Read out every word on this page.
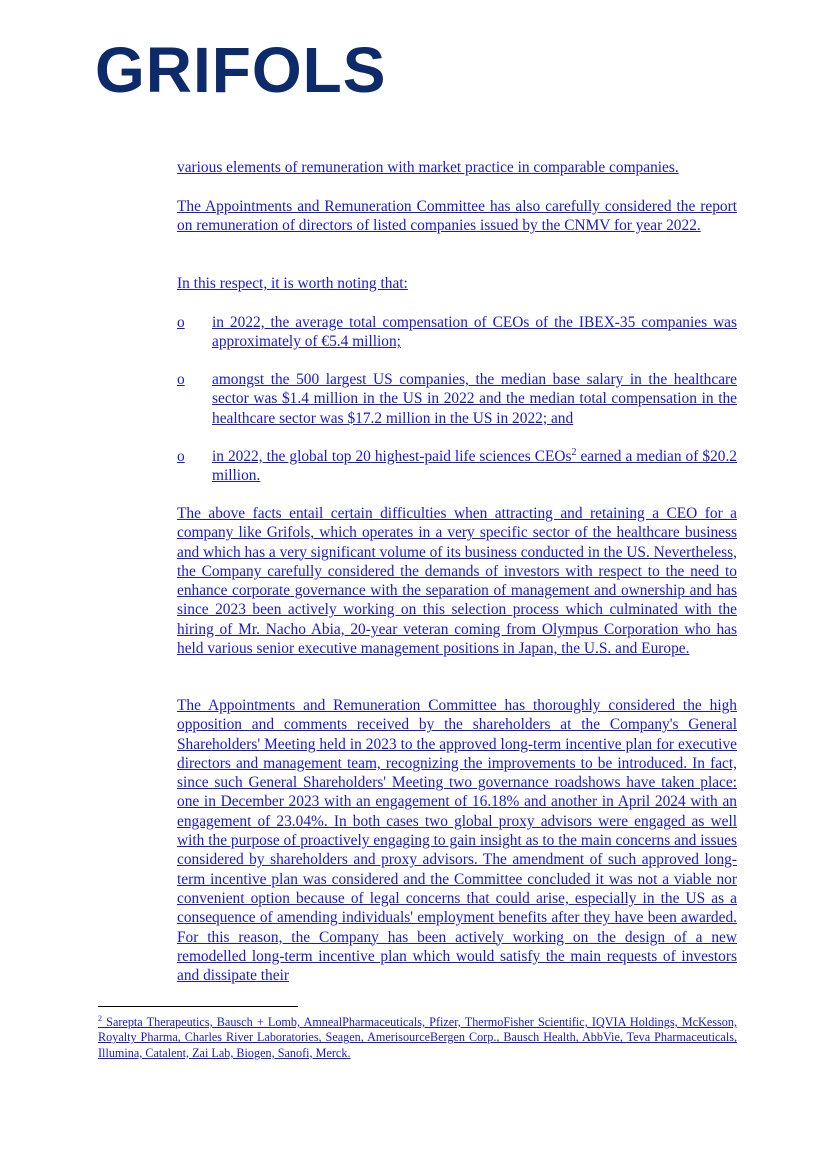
GRIFOLS

various elements of remuneration with market practice in comparable companies.

The Appointments and Remuneration Committee has also carefully considered the report on remuneration of directors of listed companies issued by the CNMV for year 2022.

In this respect, it is worth noting that:

o in 2022, the average total compensation of CEOs of the IBEX-35 companies was approximately of €5.4 million;

o amongst the 500 largest US companies, the median base salary in the healthcare sector was $1.4 million in the US in 2022 and the median total compensation in the healthcare sector was $17.2 million in the US in 2022; and

o in 2022, the global top 20 highest-paid life sciences CEOs$^2$ earned a median of $20.2 million.

The above facts entail certain difficulties when attracting and retaining a CEO for a company like Grifols, which operates in a very specific sector of the healthcare business and which has a very significant volume of its business conducted in the US. Nevertheless, the Company carefully considered the demands of investors with respect to the need to enhance corporate governance with the separation of management and ownership and has since 2023 been actively working on this selection process which culminated with the hiring of Mr. Nacho Abia, 20-year veteran coming from Olympus Corporation who has held various senior executive management positions in Japan, the U.S. and Europe.

The Appointments and Remuneration Committee has thoroughly considered the high opposition and comments received by the shareholders at the Company's General Shareholders' Meeting held in 2023 to the approved long-term incentive plan for executive directors and management team, recognizing the improvements to be introduced. In fact, since such General Shareholders' Meeting two governance roadshows have taken place: one in December 2023 with an engagement of 16.18% and another in April 2024 with an engagement of 23.04%. In both cases two global proxy advisors were engaged as well with the purpose of proactively engaging to gain insight as to the main concerns and issues considered by shareholders and proxy advisors. The amendment of such approved long-term incentive plan was considered and the Committee concluded it was not a viable nor convenient option because of legal concerns that could arise, especially in the US as a consequence of amending individuals' employment benefits after they have been awarded. For this reason, the Company has been actively working on the design of a new remodelled long-term incentive plan which would satisfy the main requests of investors and dissipate their

$^2$ Sarepta Therapeutics, Bausch + Lomb, AmnealPharmaceuticals, Pfizer, ThermoFisher Scientific, IQVIA Holdings, McKesson, Royalty Pharma, Charles River Laboratories, Seagen, AmerisourceBergen Corp., Bausch Health, AbbVie, Teva Pharmaceuticals, Illumina, Catalent, Zai Lab, Biogen, Sanofi, Merck.
